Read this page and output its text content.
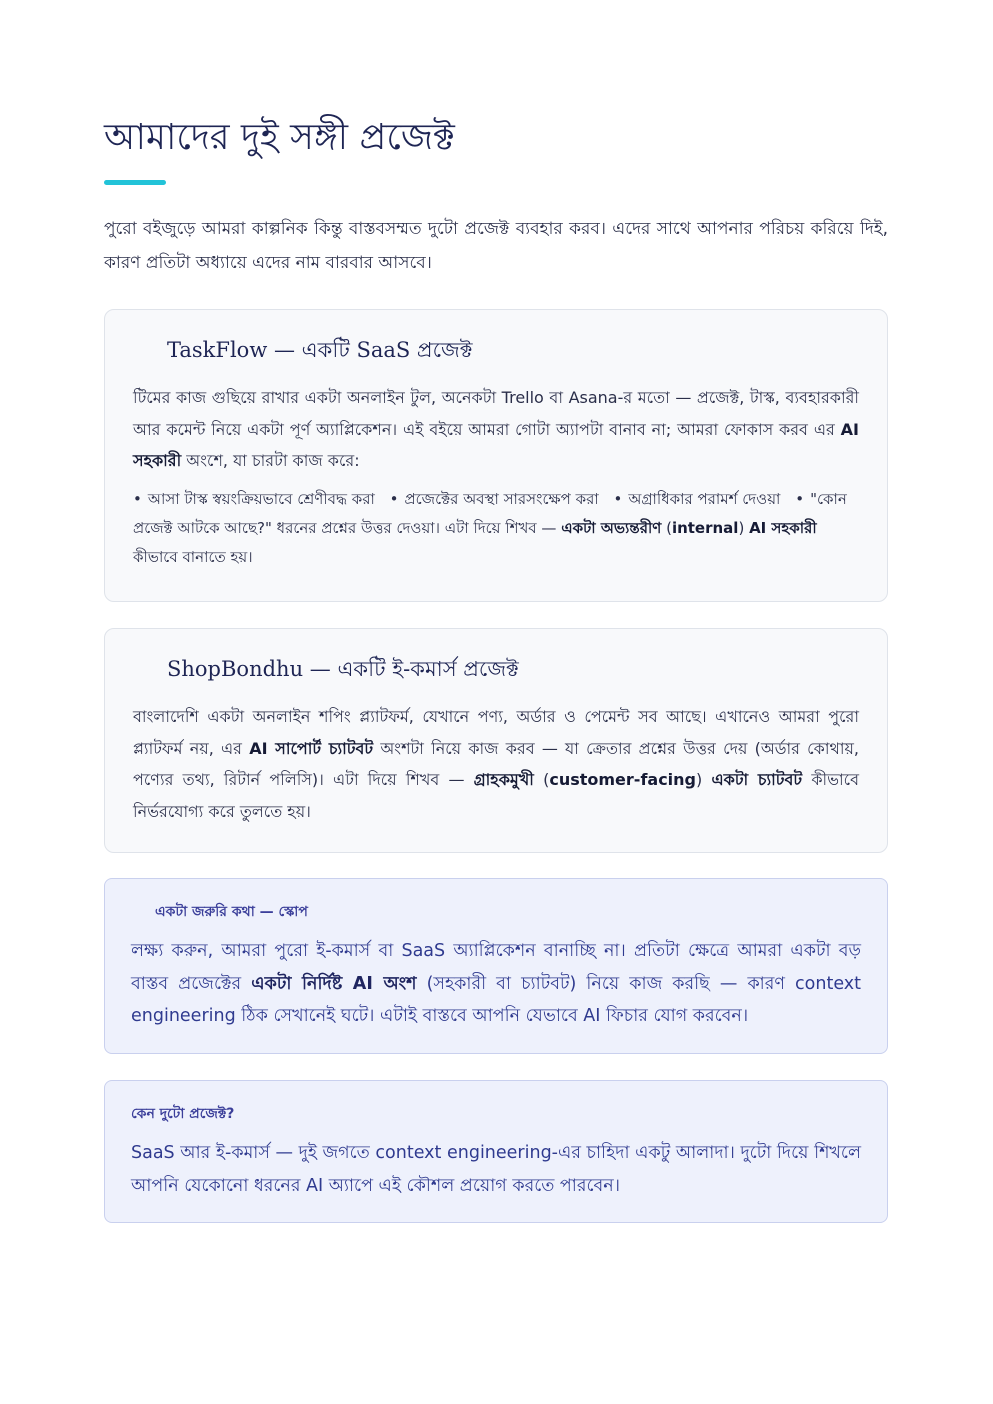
আমাদের দুই সঙ্গী প্রজেক্ট

পুরো বইজুড়ে আমরা কাল্পনিক কিন্তু বাস্তবসম্মত দুটো প্রজেক্ট ব্যবহার করব। এদের সাথে আপনার পরিচয় করিয়ে দিই, কারণ প্রতিটা অধ্যায়ে এদের নাম বারবার আসবে।

TaskFlow — একটি SaaS প্রজেক্ট

টিমের কাজ গুছিয়ে রাখার একটা অনলাইন টুল, অনেকটা Trello বা Asana-র মতো — প্রজেক্ট, টাস্ক, ব্যবহারকারী আর কমেন্ট নিয়ে একটা পূর্ণ অ্যাপ্লিকেশন। এই বইয়ে আমরা গোটা অ্যাপটা বানাব না; আমরা ফোকাস করব এর AI সহকারী অংশে, যা চারটা কাজ করে:

• আসা টাস্ক স্বয়ংক্রিয়ভাবে শ্রেণীবদ্ধ করা • প্রজেক্টের অবস্থা সারসংক্ষেপ করা • অগ্রাধিকার পরামর্শ দেওয়া • "কোন প্রজেক্ট আটকে আছে?" ধরনের প্রশ্নের উত্তর দেওয়া। এটা দিয়ে শিখব — একটা অভ্যন্তরীণ (internal) AI সহকারী কীভাবে বানাতে হয়।
ShopBondhu — একটি ই-কমার্স প্রজেক্ট

বাংলাদেশি একটা অনলাইন শপিং প্ল্যাটফর্ম, যেখানে পণ্য, অর্ডার ও পেমেন্ট সব আছে। এখানেও আমরা পুরো প্ল্যাটফর্ম নয়, এর AI সাপোর্ট চ্যাটবট অংশটা নিয়ে কাজ করব — যা ক্রেতার প্রশ্নের উত্তর দেয় (অর্ডার কোথায়, পণ্যের তথ্য, রিটার্ন পলিসি)। এটা দিয়ে শিখব — গ্রাহকমুখী (customer-facing) একটা চ্যাটবট কীভাবে নির্ভরযোগ্য করে তুলতে হয়।

একটা জরুরি কথা — স্কোপ

লক্ষ্য করুন, আমরা পুরো ই-কমার্স বা SaaS অ্যাপ্লিকেশন বানাচ্ছি না। প্রতিটা ক্ষেত্রে আমরা একটা বড় বাস্তব প্রজেক্টের একটা নির্দিষ্ট AI অংশ (সহকারী বা চ্যাটবট) নিয়ে কাজ করছি — কারণ context engineering ঠিক সেখানেই ঘটে। এটাই বাস্তবে আপনি যেভাবে AI ফিচার যোগ করবেন।

কেন দুটো প্রজেক্ট?

SaaS আর ই-কমার্স — দুই জগতে context engineering-এর চাহিদা একটু আলাদা। দুটো দিয়ে শিখলে আপনি যেকোনো ধরনের AI অ্যাপে এই কৌশল প্রয়োগ করতে পারবেন।
